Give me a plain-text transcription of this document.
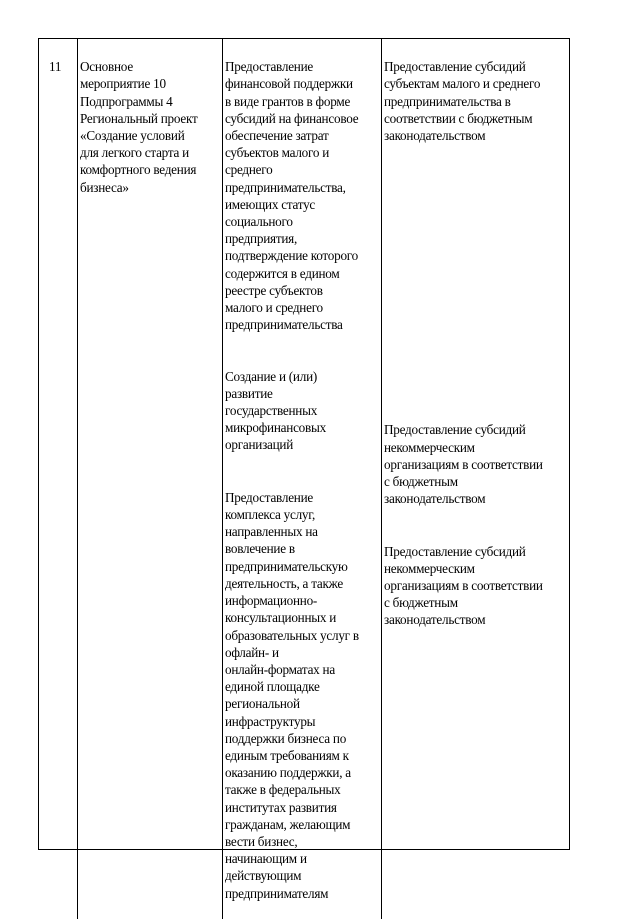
11	Основное
мероприятие 10
Подпрограммы 4
Региональный проект
«Создание условий
для легкого старта и
комфортного ведения
бизнеса»

Предоставление
финансовой поддержки
в виде грантов в форме
субсидий на финансовое
обеспечение затрат
субъектов малого и
среднего
предпринимательства,
имеющих статус
социального
предприятия,
подтверждение которого
содержится в едином
реестре субъектов
малого и среднего
предпринимательства

Создание и (или)
развитие
государственных
микрофинансовых
организаций

Предоставление
комплекса услуг,
направленных на
вовлечение в
предпринимательскую
деятельность, а также
информационно-
консультационных и
образовательных услуг в
офлайн- и
онлайн-форматах на
единой площадке
региональной
инфраструктуры
поддержки бизнеса по
единым требованиям к
оказанию поддержки, а
также в федеральных
институтах развития
гражданам, желающим
вести бизнес,
начинающим и
действующим
предпринимателям

Предоставление субсидий
субъектам малого и среднего
предпринимательства в
соответствии с бюджетным
законодательством

Предоставление субсидий
некоммерческим
организациям в соответствии
с бюджетным
законодательством

Предоставление субсидий
некоммерческим
организациям в соответствии
с бюджетным
законодательством
